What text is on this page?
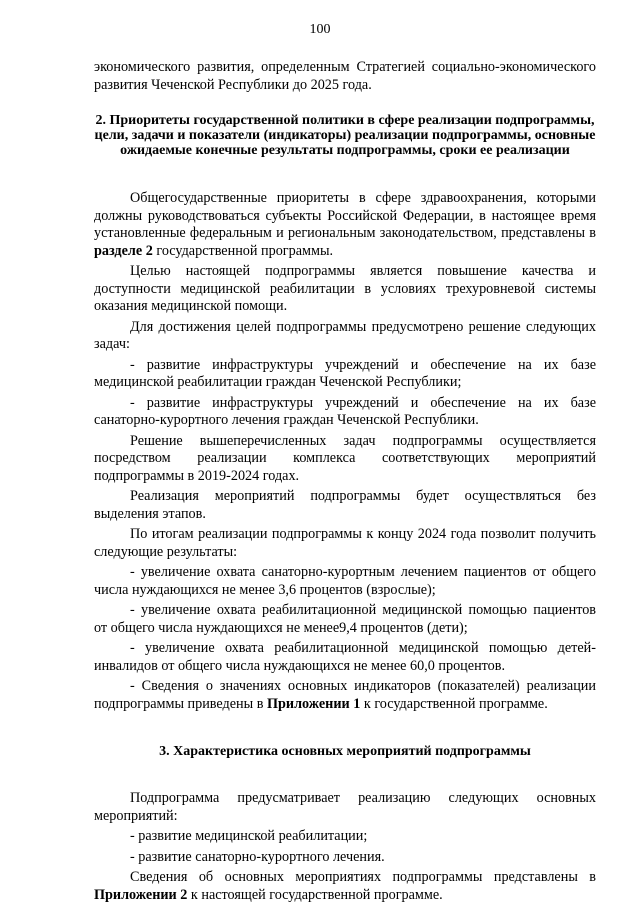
100

экономического развития, определенным Стратегией социально-экономического развития Чеченской Республики до 2025 года.

2. Приоритеты государственной политики в сфере реализации подпрограммы, цели, задачи и показатели (индикаторы) реализации подпрограммы, основные ожидаемые конечные результаты подпрограммы, сроки ее реализации

Общегосударственные приоритеты в сфере здравоохранения, которыми должны руководствоваться субъекты Российской Федерации, в настоящее время установленные федеральным и региональным законодательством, представлены в разделе 2 государственной программы.

Целью настоящей подпрограммы является повышение качества и доступности медицинской реабилитации в условиях трехуровневой системы оказания медицинской помощи.

Для достижения целей подпрограммы предусмотрено решение следующих задач:

- развитие инфраструктуры учреждений и обеспечение на их базе медицинской реабилитации граждан Чеченской Республики;

- развитие инфраструктуры учреждений и обеспечение на их базе санаторно-курортного лечения граждан Чеченской Республики.

Решение вышеперечисленных задач подпрограммы осуществляется посредством реализации комплекса соответствующих мероприятий подпрограммы в 2019-2024 годах.

Реализация мероприятий подпрограммы будет осуществляться без выделения этапов.

По итогам реализации подпрограммы к концу 2024 года позволит получить следующие результаты:

- увеличение охвата санаторно-курортным лечением пациентов от общего числа нуждающихся не менее 3,6 процентов (взрослые);

- увеличение охвата реабилитационной медицинской помощью пациентов от общего числа нуждающихся не менее9,4 процентов (дети);

- увеличение охвата реабилитационной медицинской помощью детей-инвалидов от общего числа нуждающихся не менее 60,0 процентов.

- Сведения о значениях основных индикаторов (показателей) реализации подпрограммы приведены в Приложении 1 к государственной программе.

3. Характеристика основных мероприятий подпрограммы

Подпрограмма предусматривает реализацию следующих основных мероприятий:

- развитие медицинской реабилитации;

- развитие санаторно-курортного лечения.

Сведения об основных мероприятиях подпрограммы представлены в Приложении 2 к настоящей государственной программе.
